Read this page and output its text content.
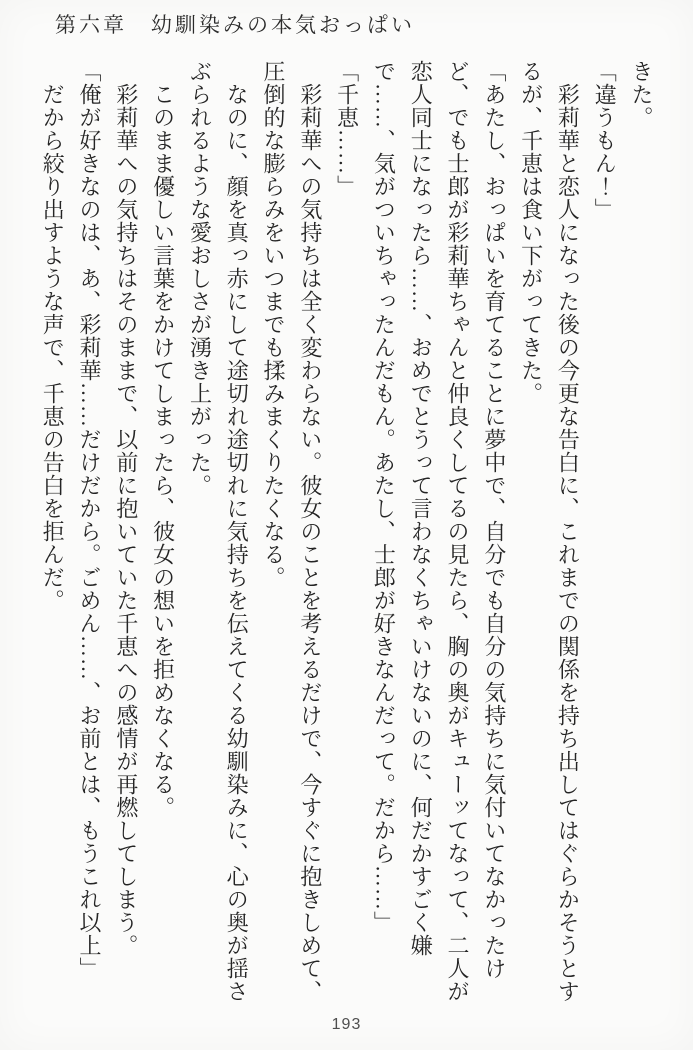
第六章　幼馴染みの本気おっぱい

きた。

「違うもん！」

彩莉華と恋人になった後の今更な告白に、これまでの関係を持ち出してはぐらかそうとするが、千恵は食い下がってきた。

「あたし、おっぱいを育てることに夢中で、自分でも自分の気持ちに気付いてなかったけど、でも士郎が彩莉華ちゃんと仲良くしてるの見たら、胸の奥がキューッてなって、二人が恋人同士になったら……、おめでとうって言わなくちゃいけないのに、何だかすごく嫌で……、気がついちゃったんだもん。あたし、士郎が好きなんだって。だから……」

「千恵……」

彩莉華への気持ちは全く変わらない。彼女のことを考えるだけで、今すぐに抱きしめて、圧倒的な膨らみをいつまでも揉みまくりたくなる。

なのに、顔を真っ赤にして途切れ途切れに気持ちを伝えてくる幼馴染みに、心の奥が揺さぶられるような愛おしさが湧き上がった。

このまま優しい言葉をかけてしまったら、彼女の想いを拒めなくなる。

彩莉華への気持ちはそのままで、以前に抱いていた千恵への感情が再燃してしまう。

「俺が好きなのは、あ、彩莉華……だけだから。ごめん……、お前とは、もうこれ以上」

だから絞り出すような声で、千恵の告白を拒んだ。

193
